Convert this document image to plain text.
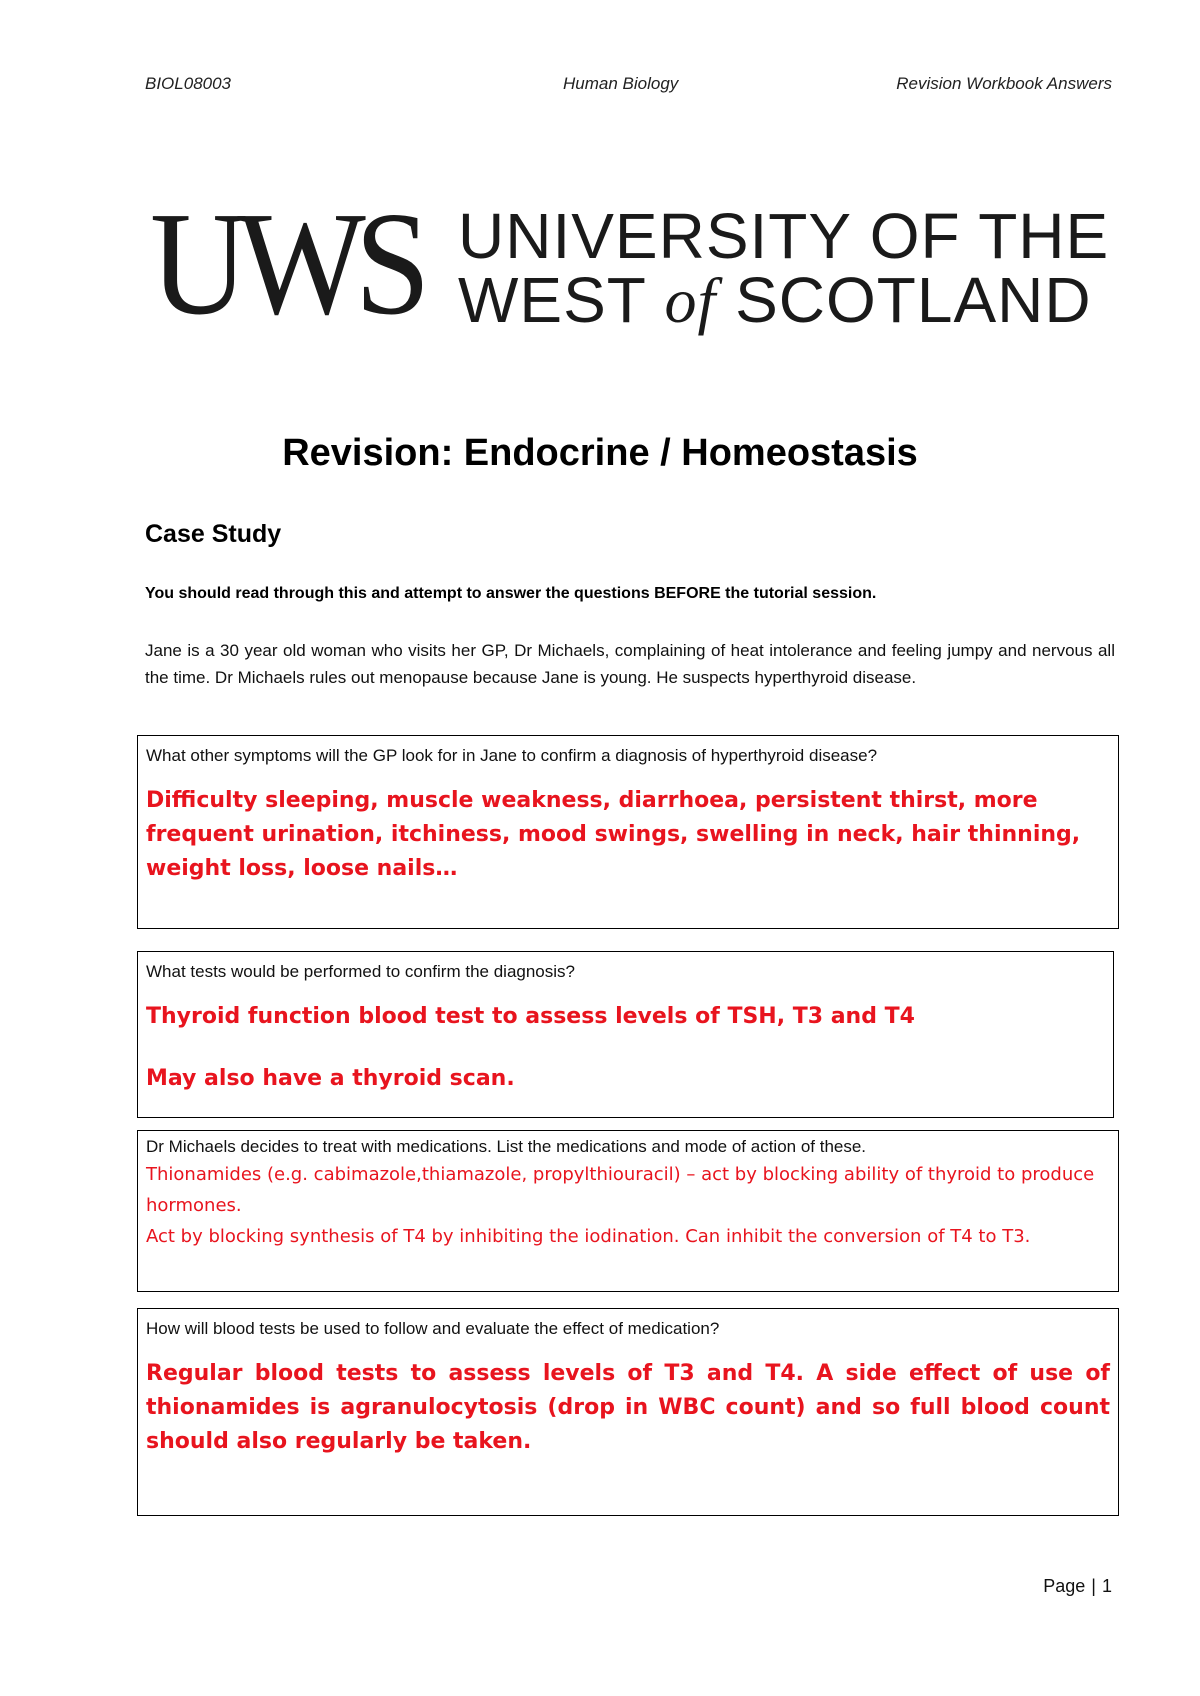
BIOL08003	Human Biology	Revision Workbook Answers
UWS UNIVERSITY OF THE
WEST of SCOTLAND
Revision: Endocrine / Homeostasis
Case Study
You should read through this and attempt to answer the questions BEFORE the tutorial session.
Jane is a 30 year old woman who visits her GP, Dr Michaels, complaining of heat intolerance and feeling jumpy and nervous all the time. Dr Michaels rules out menopause because Jane is young. He suspects hyperthyroid disease.
What other symptoms will the GP look for in Jane to confirm a diagnosis of hyperthyroid disease?
Difficulty sleeping, muscle weakness, diarrhoea, persistent thirst, more frequent urination, itchiness, mood swings, swelling in neck, hair thinning, weight loss, loose nails…
What tests would be performed to confirm the diagnosis?

Thyroid function blood test to assess levels of TSH, T3 and T4

May also have a thyroid scan.

Dr Michaels decides to treat with medications. List the medications and mode of action of these.
Thionamides (e.g. cabimazole,thiamazole, propylthiouracil) – act by blocking ability of thyroid to produce hormones.
Act by blocking synthesis of T4 by inhibiting the iodination. Can inhibit the conversion of T4 to T3.
How will blood tests be used to follow and evaluate the effect of medication?
Regular blood tests to assess levels of T3 and T4. A side effect of use of thionamides is agranulocytosis (drop in WBC count) and so full blood count should also regularly be taken.
Page | 1
